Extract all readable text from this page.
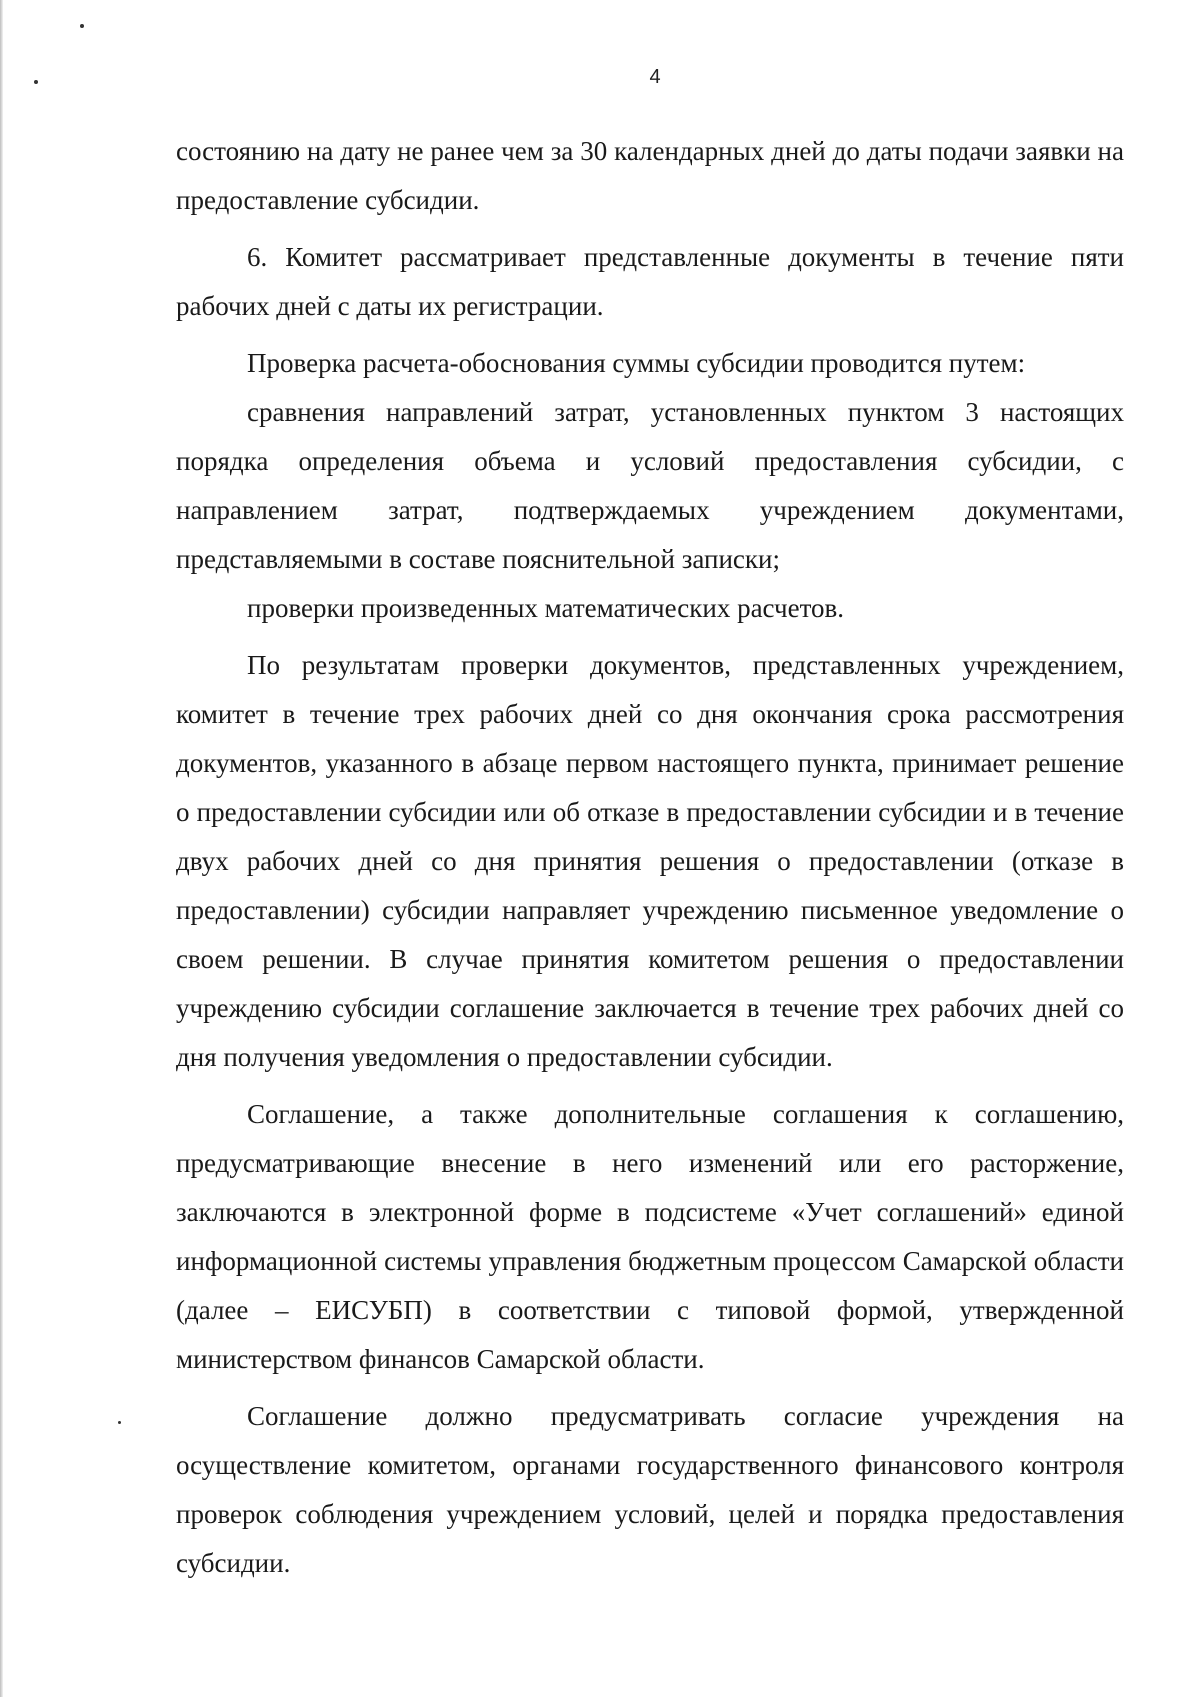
4

состоянию на дату не ранее чем за 30 календарных дней до даты подачи заявки на предоставление субсидии.

6. Комитет рассматривает представленные документы в течение пяти рабочих дней с даты их регистрации.

Проверка расчета-обоснования суммы субсидии проводится путем:

сравнения направлений затрат, установленных пунктом 3 настоящих порядка определения объема и условий предоставления субсидии, с направлением затрат, подтверждаемых учреждением документами, представляемыми в составе пояснительной записки;

проверки произведенных математических расчетов.

По результатам проверки документов, представленных учреждением, комитет в течение трех рабочих дней со дня окончания срока рассмотрения документов, указанного в абзаце первом настоящего пункта, принимает решение о предоставлении субсидии или об отказе в предоставлении субсидии и в течение двух рабочих дней со дня принятия решения о предоставлении (отказе в предоставлении) субсидии направляет учреждению письменное уведомление о своем решении. В случае принятия комитетом решения о предоставлении учреждению субсидии соглашение заключается в течение трех рабочих дней со дня получения уведомления о предоставлении субсидии.

Соглашение, а также дополнительные соглашения к соглашению, предусматривающие внесение в него изменений или его расторжение, заключаются в электронной форме в подсистеме «Учет соглашений» единой информационной системы управления бюджетным процессом Самарской области (далее – ЕИСУБП) в соответствии с типовой формой, утвержденной министерством финансов Самарской области.

Соглашение должно предусматривать согласие учреждения на осуществление комитетом, органами государственного финансового контроля проверок соблюдения учреждением условий, целей и порядка предоставления субсидии.
